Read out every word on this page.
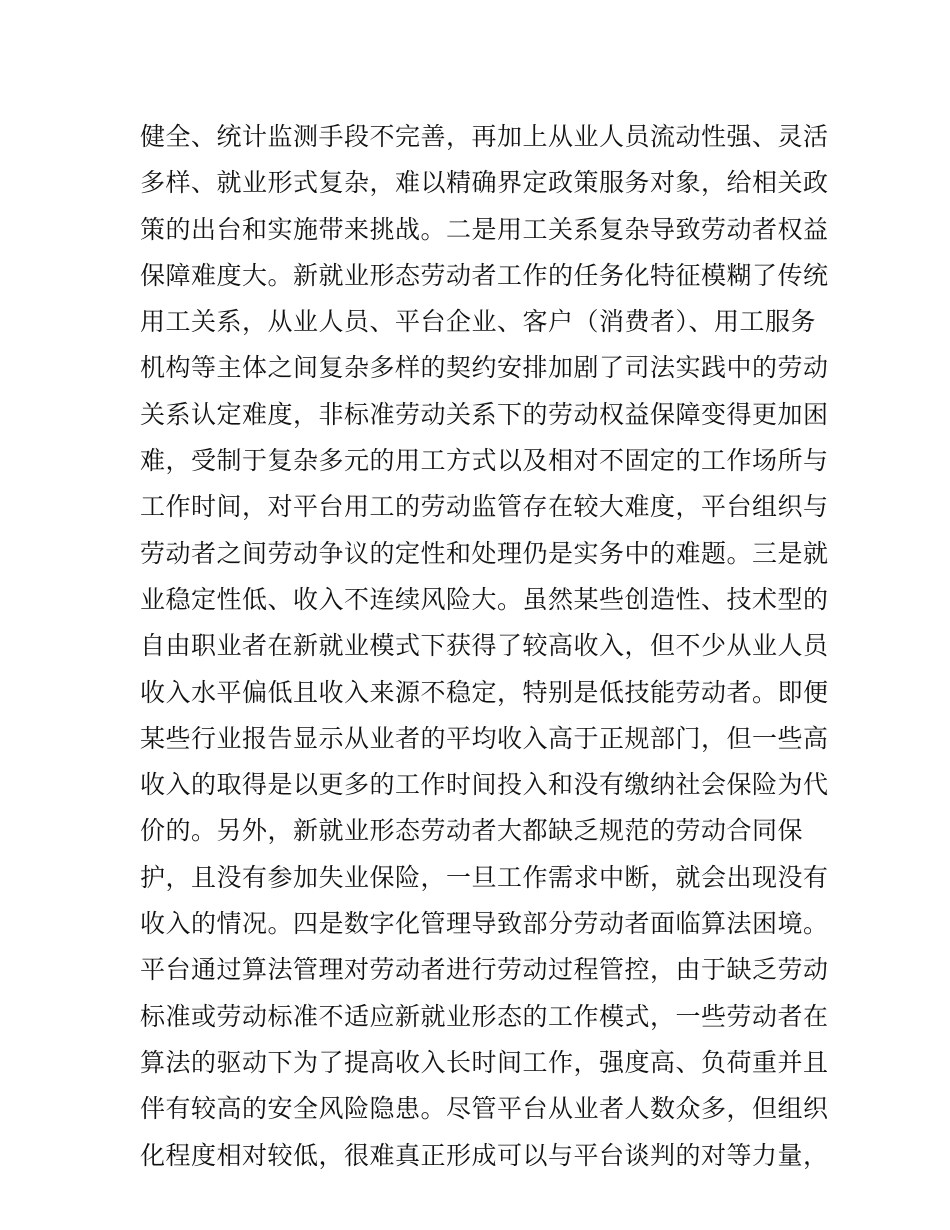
健全、统计监测手段不完善，再加上从业人员流动性强、灵活
多样、就业形式复杂，难以精确界定政策服务对象，给相关政
策的出台和实施带来挑战。二是用工关系复杂导致劳动者权益
保障难度大。新就业形态劳动者工作的任务化特征模糊了传统
用工关系，从业人员、平台企业、客户（消费者）、用工服务
机构等主体之间复杂多样的契约安排加剧了司法实践中的劳动
关系认定难度，非标准劳动关系下的劳动权益保障变得更加困
难，受制于复杂多元的用工方式以及相对不固定的工作场所与
工作时间，对平台用工的劳动监管存在较大难度，平台组织与
劳动者之间劳动争议的定性和处理仍是实务中的难题。三是就
业稳定性低、收入不连续风险大。虽然某些创造性、技术型的
自由职业者在新就业模式下获得了较高收入，但不少从业人员
收入水平偏低且收入来源不稳定，特别是低技能劳动者。即便
某些行业报告显示从业者的平均收入高于正规部门，但一些高
收入的取得是以更多的工作时间投入和没有缴纳社会保险为代
价的。另外，新就业形态劳动者大都缺乏规范的劳动合同保
护，且没有参加失业保险，一旦工作需求中断，就会出现没有
收入的情况。四是数字化管理导致部分劳动者面临算法困境。
平台通过算法管理对劳动者进行劳动过程管控，由于缺乏劳动
标准或劳动标准不适应新就业形态的工作模式，一些劳动者在
算法的驱动下为了提高收入长时间工作，强度高、负荷重并且
伴有较高的安全风险隐患。尽管平台从业者人数众多，但组织
化程度相对较低，很难真正形成可以与平台谈判的对等力量，
